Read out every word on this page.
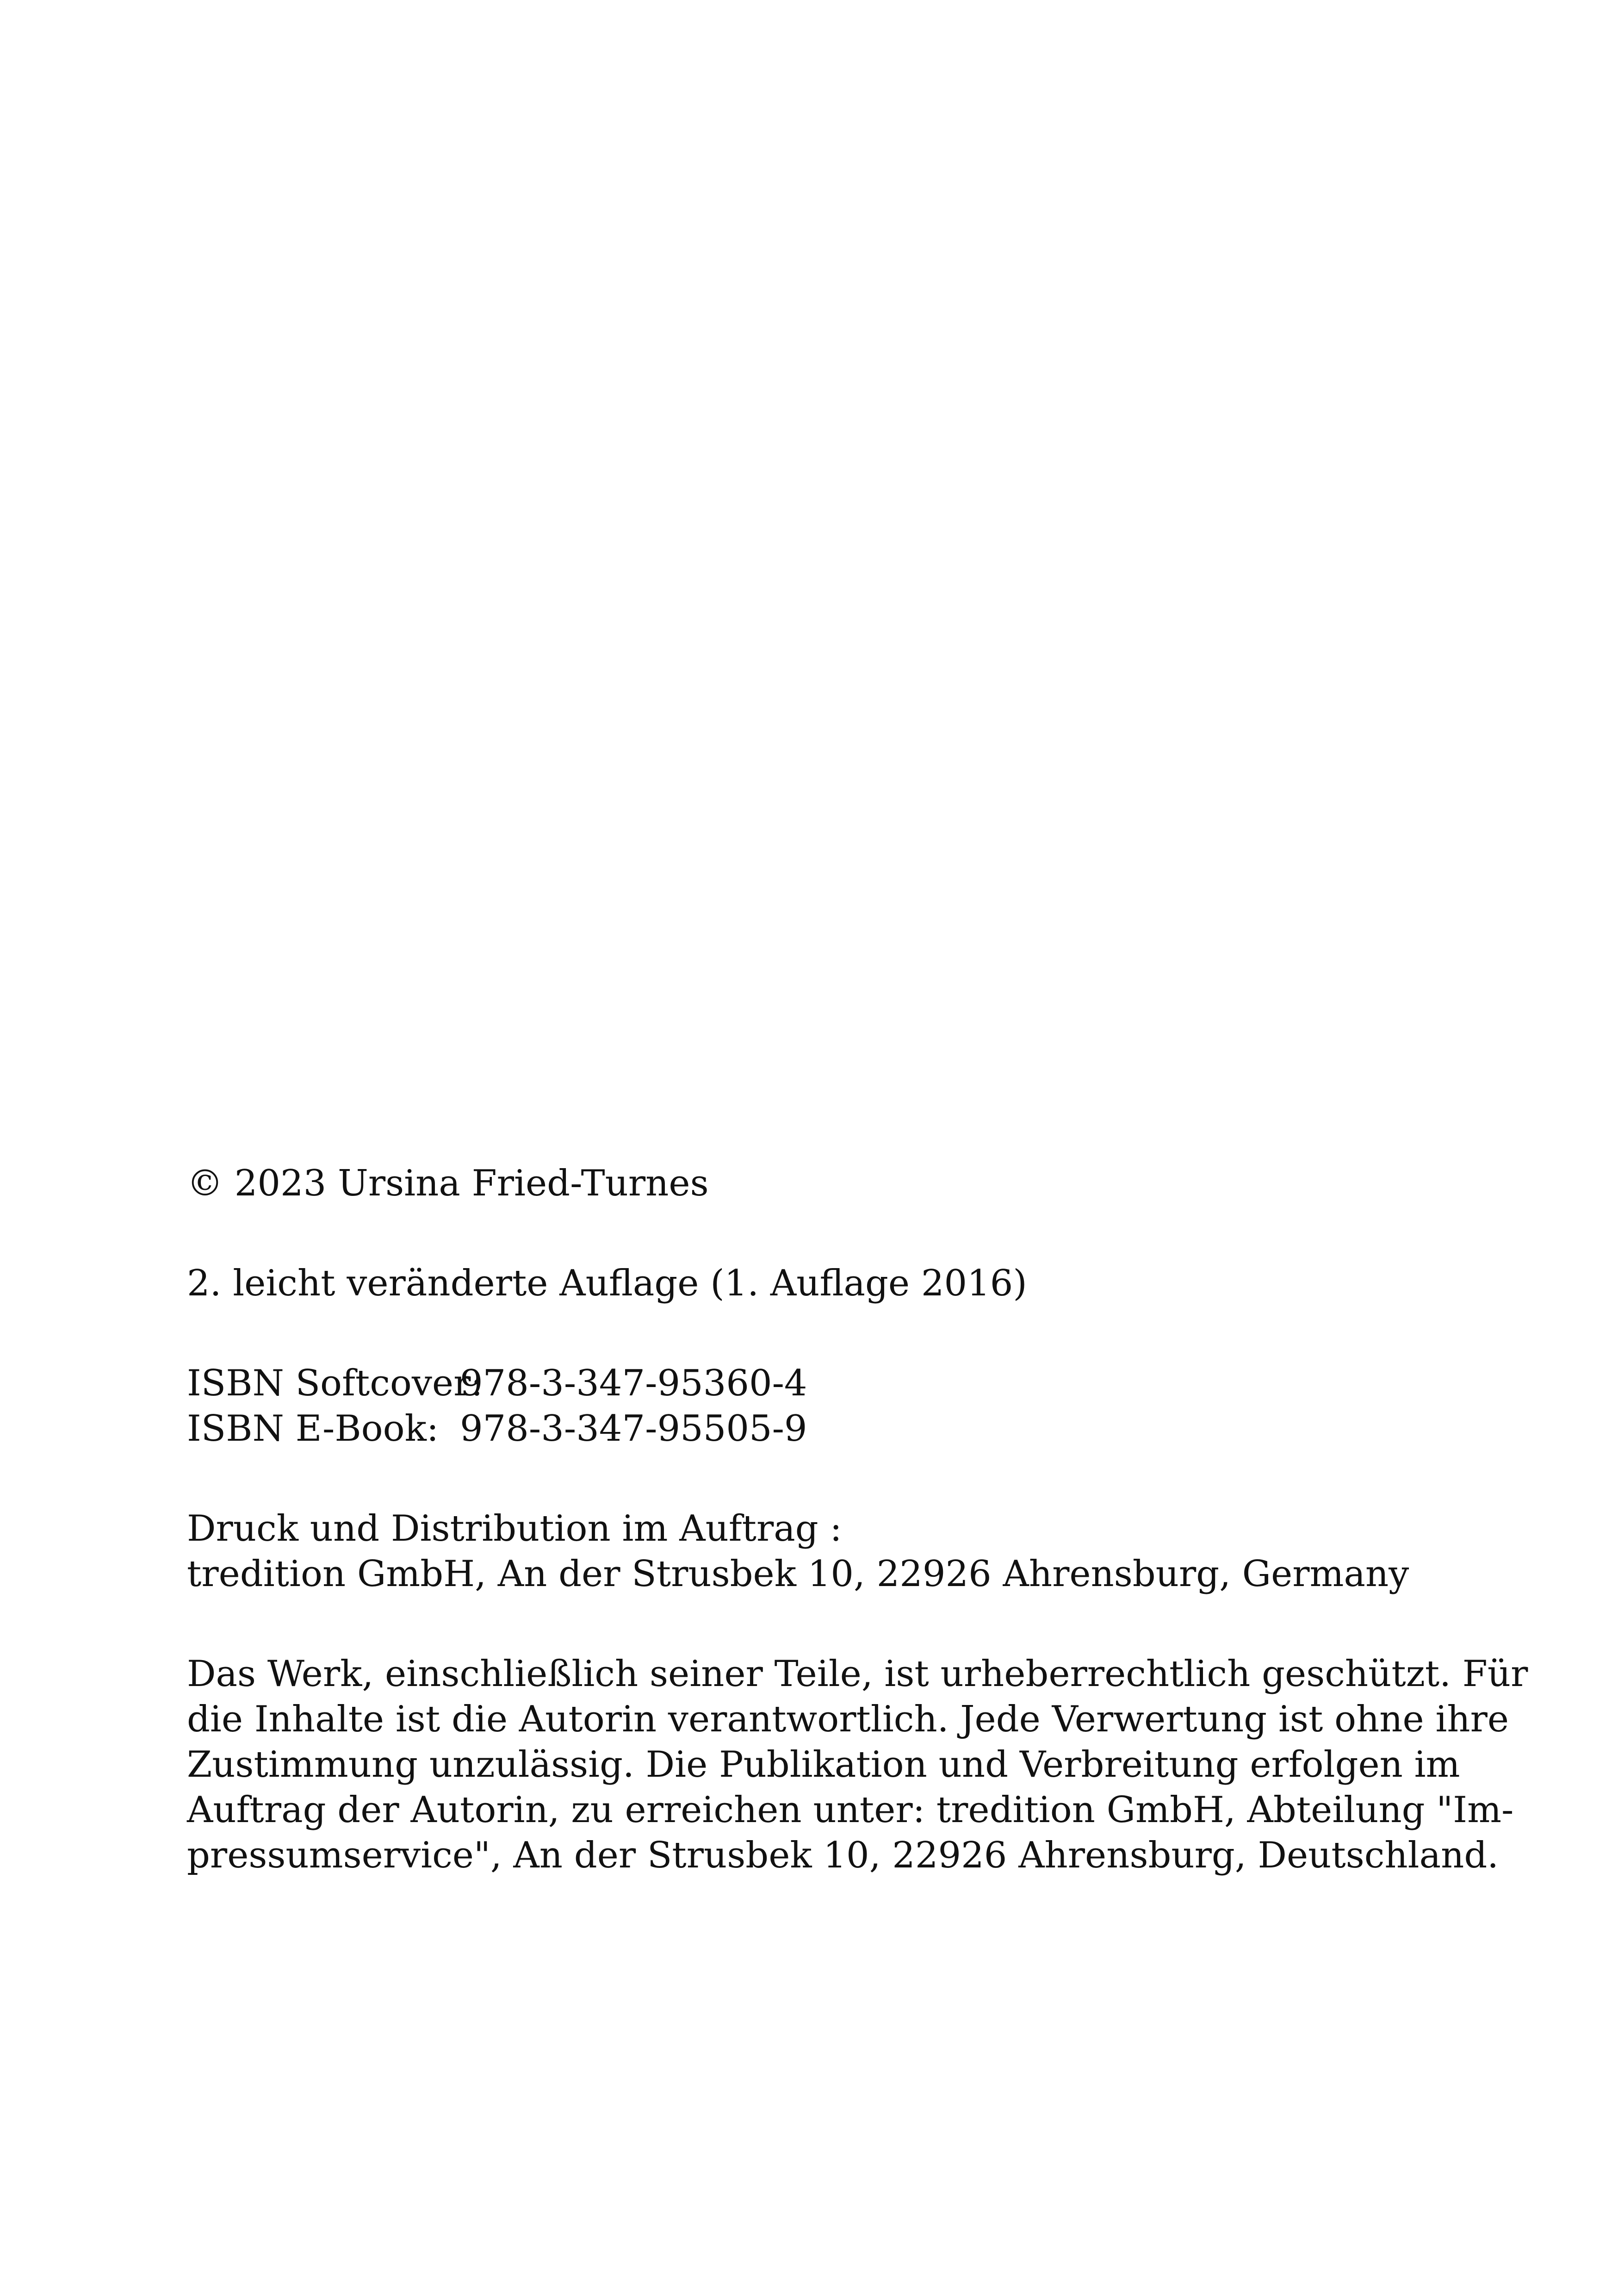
© 2023 Ursina Fried-Turnes

2. leicht veränderte Auflage (1. Auflage 2016)

ISBN Softcover:
978-3-347-95360-4
ISBN E-Book: 978-3-347-95505-9

Druck und Distribution im Auftrag :
tredition GmbH, An der Strusbek 10, 22926 Ahrensburg, Germany

Das Werk, einschließlich seiner Teile, ist urheberrechtlich geschützt. Für
die Inhalte ist die Autorin verantwortlich. Jede Verwertung ist ohne ihre
Zustimmung unzulässig. Die Publikation und Verbreitung erfolgen im
Auftrag der Autorin, zu erreichen unter: tredition GmbH, Abteilung "Im-
pressumservice", An der Strusbek 10, 22926 Ahrensburg, Deutschland.
